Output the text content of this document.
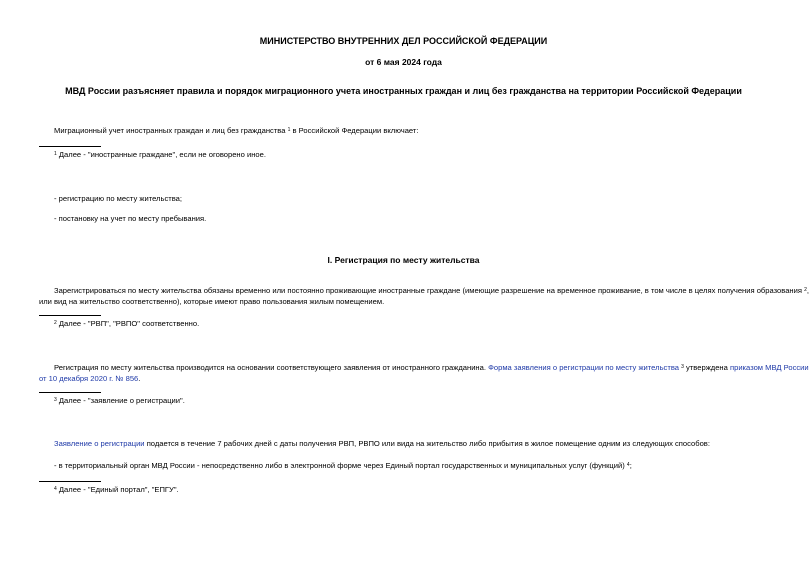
МИНИСТЕРСТВО ВНУТРЕННИХ ДЕЛ РОССИЙСКОЙ ФЕДЕРАЦИИ
от 6 мая 2024 года
МВД России разъясняет правила и порядок миграционного учета иностранных граждан и лиц без гражданства на территории Российской Федерации
Миграционный учет иностранных граждан и лиц без гражданства $^1$ в Российской Федерации включает:
$^1$ Далее - "иностранные граждане", если не оговорено иное.
- регистрацию по месту жительства;
- постановку на учет по месту пребывания.
I. Регистрация по месту жительства
Зарегистрироваться по месту жительства обязаны временно или постоянно проживающие иностранные граждане (имеющие разрешение на временное проживание, в том числе в целях получения образования $^2$,
или вид на жительство соответственно), которые имеют право пользования жилым помещением.
$^2$ Далее - "РВП", "РВПО" соответственно.
Регистрация по месту жительства производится на основании соответствующего заявления от иностранного гражданина. Форма заявления о регистрации по месту жительства $^3$ утверждена приказом МВД России
от 10 декабря 2020 г. № 856.
$^3$ Далее - "заявление о регистрации".
Заявление о регистрации подается в течение 7 рабочих дней с даты получения РВП, РВПО или вида на жительство либо прибытия в жилое помещение одним из следующих способов:
- в территориальный орган МВД России - непосредственно либо в электронной форме через Единый портал государственных и муниципальных услуг (функций) $^4$;
$^4$ Далее - "Единый портал", "ЕПГУ".
